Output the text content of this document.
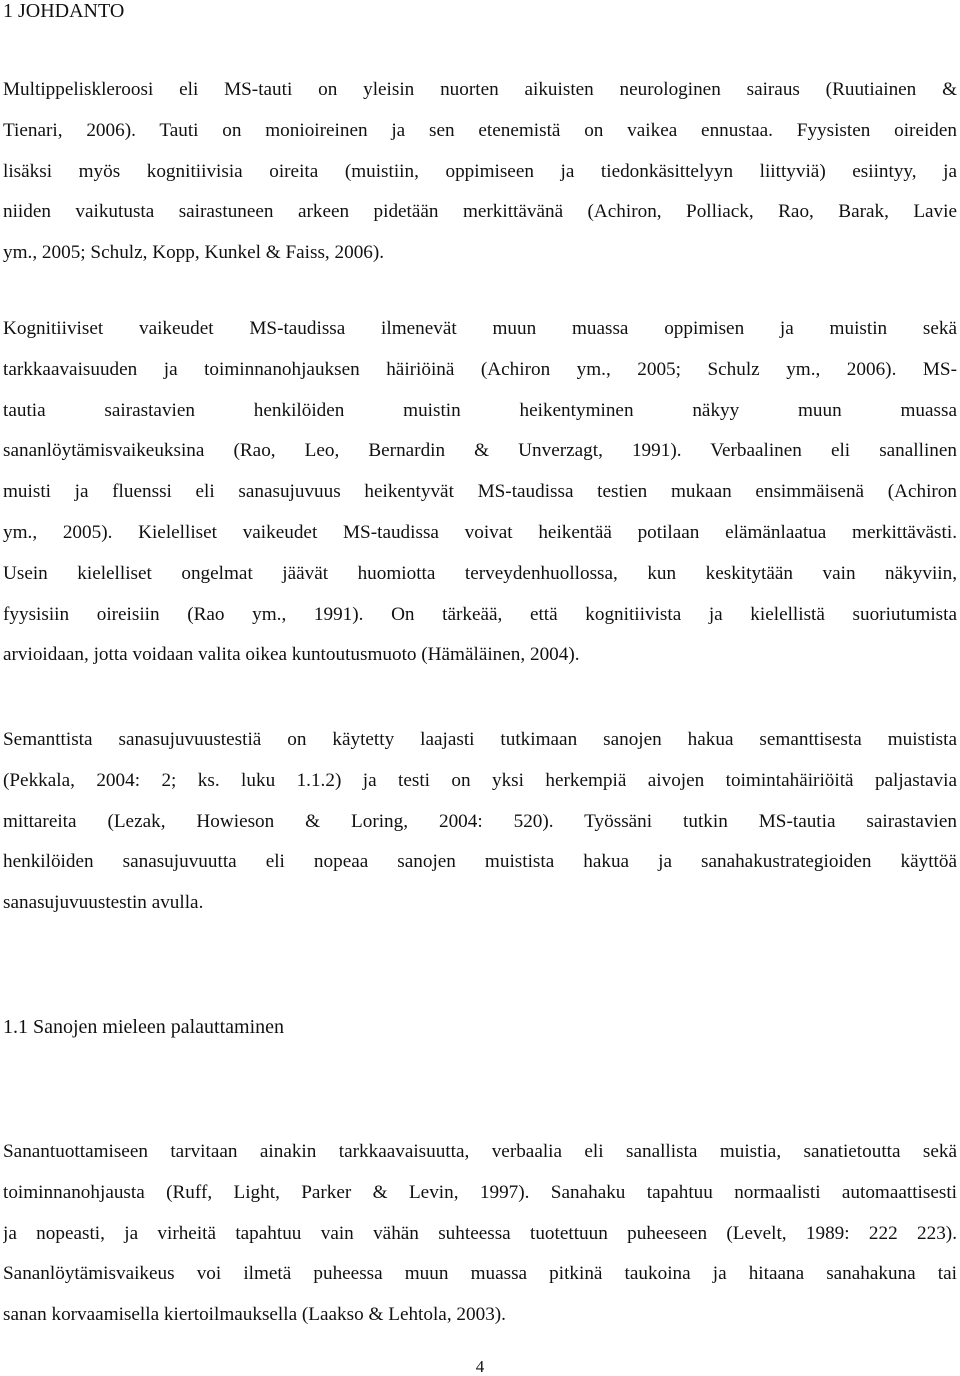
1 JOHDANTO
Multippeliskleroosi eli MS-tauti on yleisin nuorten aikuisten neurologinen sairaus (Ruutiainen &
Tienari, 2006). Tauti on monioireinen ja sen etenemistä on vaikea ennustaa. Fyysisten oireiden
lisäksi myös kognitiivisia oireita (muistiin, oppimiseen ja tiedonkäsittelyyn liittyviä) esiintyy, ja
niiden vaikutusta sairastuneen arkeen pidetään merkittävänä (Achiron, Polliack, Rao, Barak, Lavie
ym., 2005; Schulz, Kopp, Kunkel & Faiss, 2006).
Kognitiiviset vaikeudet MS-taudissa ilmenevät muun muassa oppimisen ja muistin sekä
tarkkaavaisuuden ja toiminnanohjauksen häiriöinä (Achiron ym., 2005; Schulz ym., 2006). MS-
tautia sairastavien henkilöiden muistin heikentyminen näkyy muun muassa
sananlöytämisvaikeuksina (Rao, Leo, Bernardin & Unverzagt, 1991). Verbaalinen eli sanallinen
muisti ja fluenssi eli sanasujuvuus heikentyvät MS-taudissa testien mukaan ensimmäisenä (Achiron
ym., 2005). Kielelliset vaikeudet MS-taudissa voivat heikentää potilaan elämänlaatua merkittävästi.
Usein kielelliset ongelmat jäävät huomiotta terveydenhuollossa, kun keskitytään vain näkyviin,
fyysisiin oireisiin (Rao ym., 1991). On tärkeää, että kognitiivista ja kielellistä suoriutumista
arvioidaan, jotta voidaan valita oikea kuntoutusmuoto (Hämäläinen, 2004).
Semanttista sanasujuvuustestiä on käytetty laajasti tutkimaan sanojen hakua semanttisesta muistista
(Pekkala, 2004: 2; ks. luku 1.1.2) ja testi on yksi herkempiä aivojen toimintahäiriöitä paljastavia
mittareita (Lezak, Howieson & Loring, 2004: 520). Työssäni tutkin MS-tautia sairastavien
henkilöiden sanasujuvuutta eli nopeaa sanojen muistista hakua ja sanahakustrategioiden käyttöä
sanasujuvuustestin avulla.
1.1 Sanojen mieleen palauttaminen
Sanantuottamiseen tarvitaan ainakin tarkkaavaisuutta, verbaalia eli sanallista muistia, sanatietoutta sekä
toiminnanohjausta (Ruff, Light, Parker & Levin, 1997). Sanahaku tapahtuu normaalisti automaattisesti
ja nopeasti, ja virheitä tapahtuu vain vähän suhteessa tuotettuun puheeseen (Levelt, 1989: 222 223).
Sananlöytämisvaikeus voi ilmetä puheessa muun muassa pitkinä taukoina ja hitaana sanahakuna tai
sanan korvaamisella kiertoilmauksella (Laakso & Lehtola, 2003).

4
